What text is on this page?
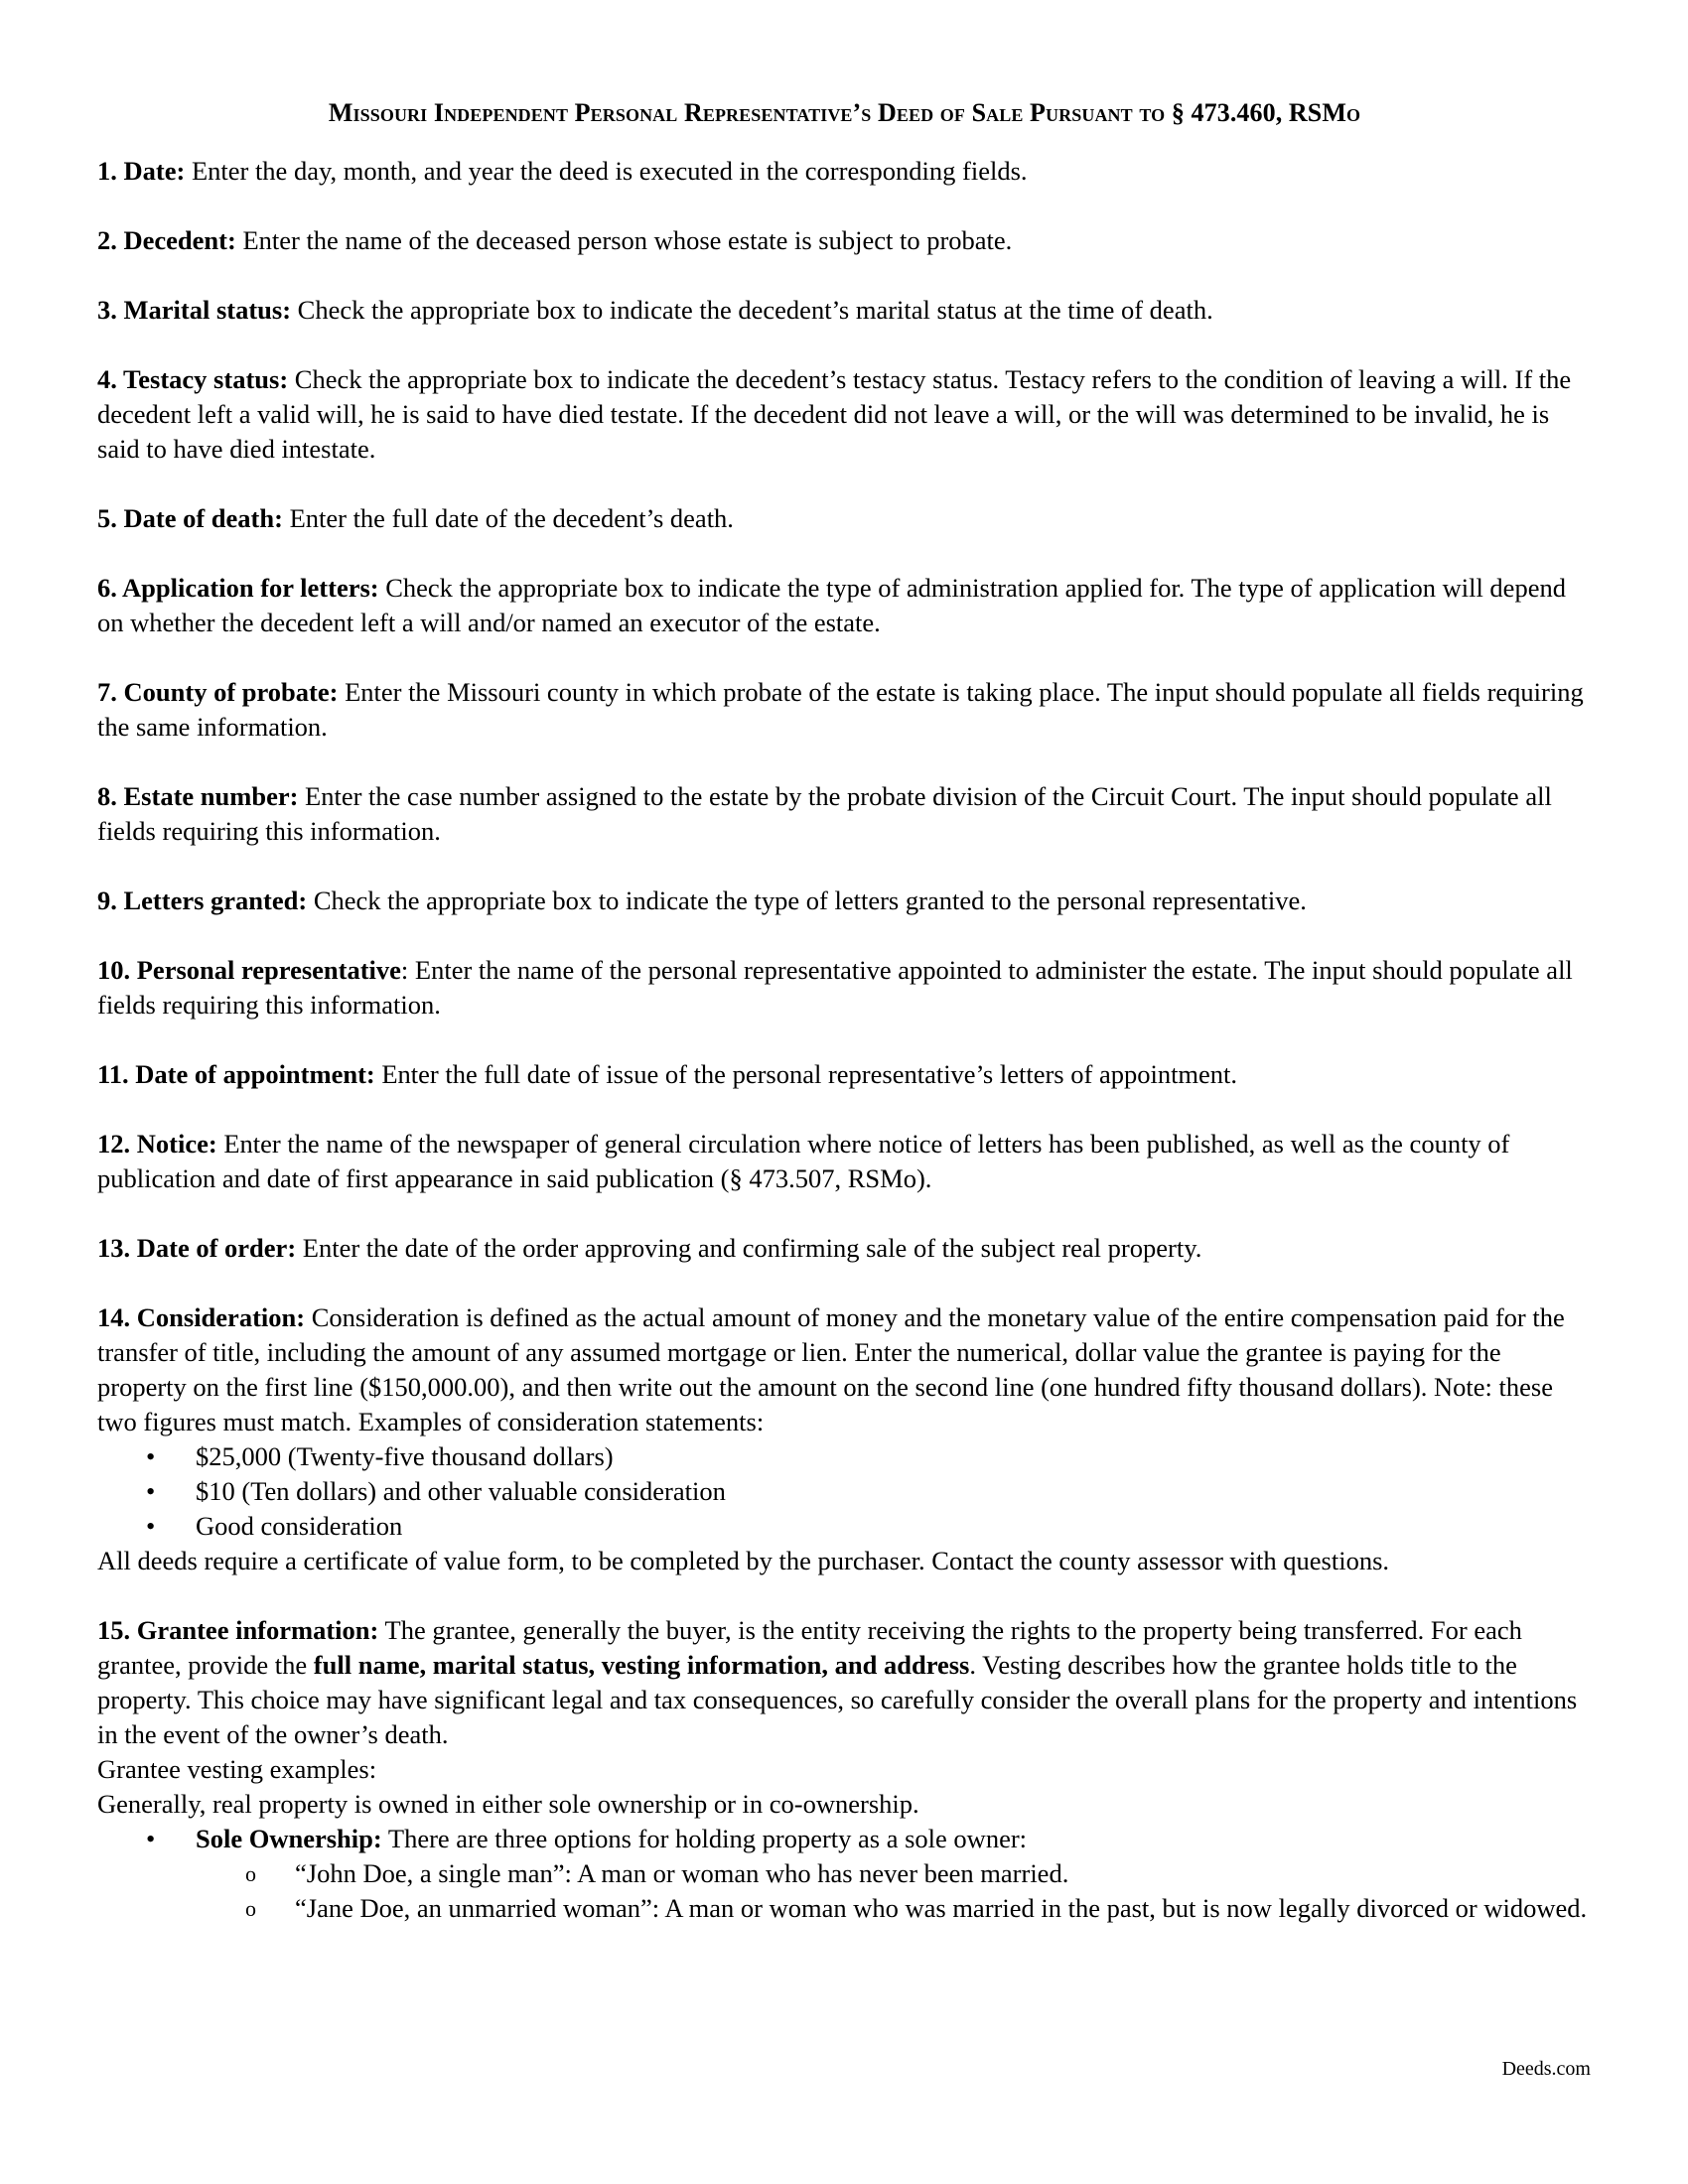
Missouri Independent Personal Representative’s Deed of Sale Pursuant to § 473.460, RSMo

1. Date: Enter the day, month, and year the deed is executed in the corresponding fields.

2. Decedent: Enter the name of the deceased person whose estate is subject to probate.

3. Marital status: Check the appropriate box to indicate the decedent’s marital status at the time of death.

4. Testacy status: Check the appropriate box to indicate the decedent’s testacy status. Testacy refers to the condition of leaving a will. If the decedent left a valid will, he is said to have died testate. If the decedent did not leave a will, or the will was determined to be invalid, he is said to have died intestate.

5. Date of death: Enter the full date of the decedent’s death.

6. Application for letters: Check the appropriate box to indicate the type of administration applied for. The type of application will depend on whether the decedent left a will and/or named an executor of the estate.

7. County of probate: Enter the Missouri county in which probate of the estate is taking place. The input should populate all fields requiring the same information.

8. Estate number: Enter the case number assigned to the estate by the probate division of the Circuit Court. The input should populate all fields requiring this information.

9. Letters granted: Check the appropriate box to indicate the type of letters granted to the personal representative.

10. Personal representative: Enter the name of the personal representative appointed to administer the estate. The input should populate all fields requiring this information.

11. Date of appointment: Enter the full date of issue of the personal representative’s letters of appointment.

12. Notice: Enter the name of the newspaper of general circulation where notice of letters has been published, as well as the county of publication and date of first appearance in said publication (§ 473.507, RSMo).

13. Date of order: Enter the date of the order approving and confirming sale of the subject real property.

14. Consideration: Consideration is defined as the actual amount of money and the monetary value of the entire compensation paid for the transfer of title, including the amount of any assumed mortgage or lien. Enter the numerical, dollar value the grantee is paying for the property on the first line ($150,000.00), and then write out the amount on the second line (one hundred fifty thousand dollars). Note: these two figures must match. Examples of consideration statements:

• $25,000 (Twenty-five thousand dollars)
• $10 (Ten dollars) and other valuable consideration
• Good consideration

All deeds require a certificate of value form, to be completed by the purchaser. Contact the county assessor with questions.

15. Grantee information: The grantee, generally the buyer, is the entity receiving the rights to the property being transferred. For each grantee, provide the full name, marital status, vesting information, and address. Vesting describes how the grantee holds title to the property. This choice may have significant legal and tax consequences, so carefully consider the overall plans for the property and intentions in the event of the owner’s death.

Grantee vesting examples:

Generally, real property is owned in either sole ownership or in co-ownership.

• Sole Ownership: There are three options for holding property as a sole owner:
o “John Doe, a single man”: A man or woman who has never been married.
o “Jane Doe, an unmarried woman”: A man or woman who was married in the past, but is now legally divorced or widowed.
Deeds.com
